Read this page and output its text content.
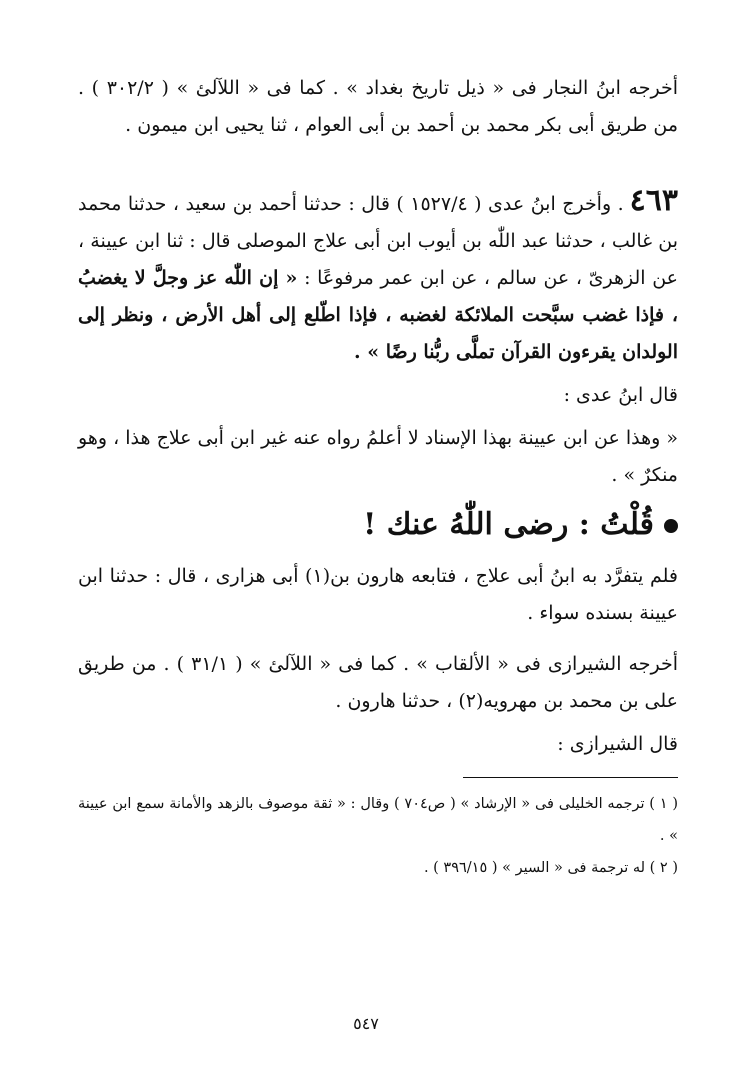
أخرجه ابنُ النجار فى « ذيل تاريخ بغداد » . كما فى « اللآلئ » ( ٣٠٢/٢ ) . من طريق أبى بكر محمد بن أحمد بن أبى العوام ، ثنا يحيى ابن ميمون .

٤٦٣. وأخرج ابنُ عدى ( ١٥٢٧/٤ ) قال : حدثنا أحمد بن سعيد ، حدثنا محمد بن غالب ، حدثنا عبد اللّٰه بن أيوب ابن أبى علاج الموصلى قال : ثنا ابن عيينة ، عن الزهرىّ ، عن سالم ، عن ابن عمر مرفوعًا : « إن اللّٰه عز وجلَّ لا يغضبُ ، فإذا غضب سبَّحت الملائكة لغضبه ، فإذا اطّلع إلى أهل الأرض ، ونظر إلى الولدان يقرءون القرآن تملَّى ربُّنا رضًا » .

قال ابنُ عدى :

« وهذا عن ابن عيينة بهذا الإسناد لا أعلمُ رواه عنه غير ابن أبى علاج هذا ، وهو منكرٌ » .

قُلْتُ : رضى اللّٰهُ عنك !

فلم يتفرَّد به ابنُ أبى علاج ، فتابعه هارون بن(١) أبى هزارى ، قال : حدثنا ابن عيينة بسنده سواء .

أخرجه الشيرازى فى « الألقاب » . كما فى « اللآلئ » ( ٣١/١ ) . من طريق على بن محمد بن مهرويه(٢) ، حدثنا هارون .

قال الشيرازى :

( ١ ) ترجمه الخليلى فى « الإرشاد » ( ص٧٠٤ ) وقال : « ثقة موصوف بالزهد والأمانة سمع ابن عيينة » .

( ٢ ) له ترجمة فى « السير » ( ٣٩٦/١٥ ) .

٥٤٧
